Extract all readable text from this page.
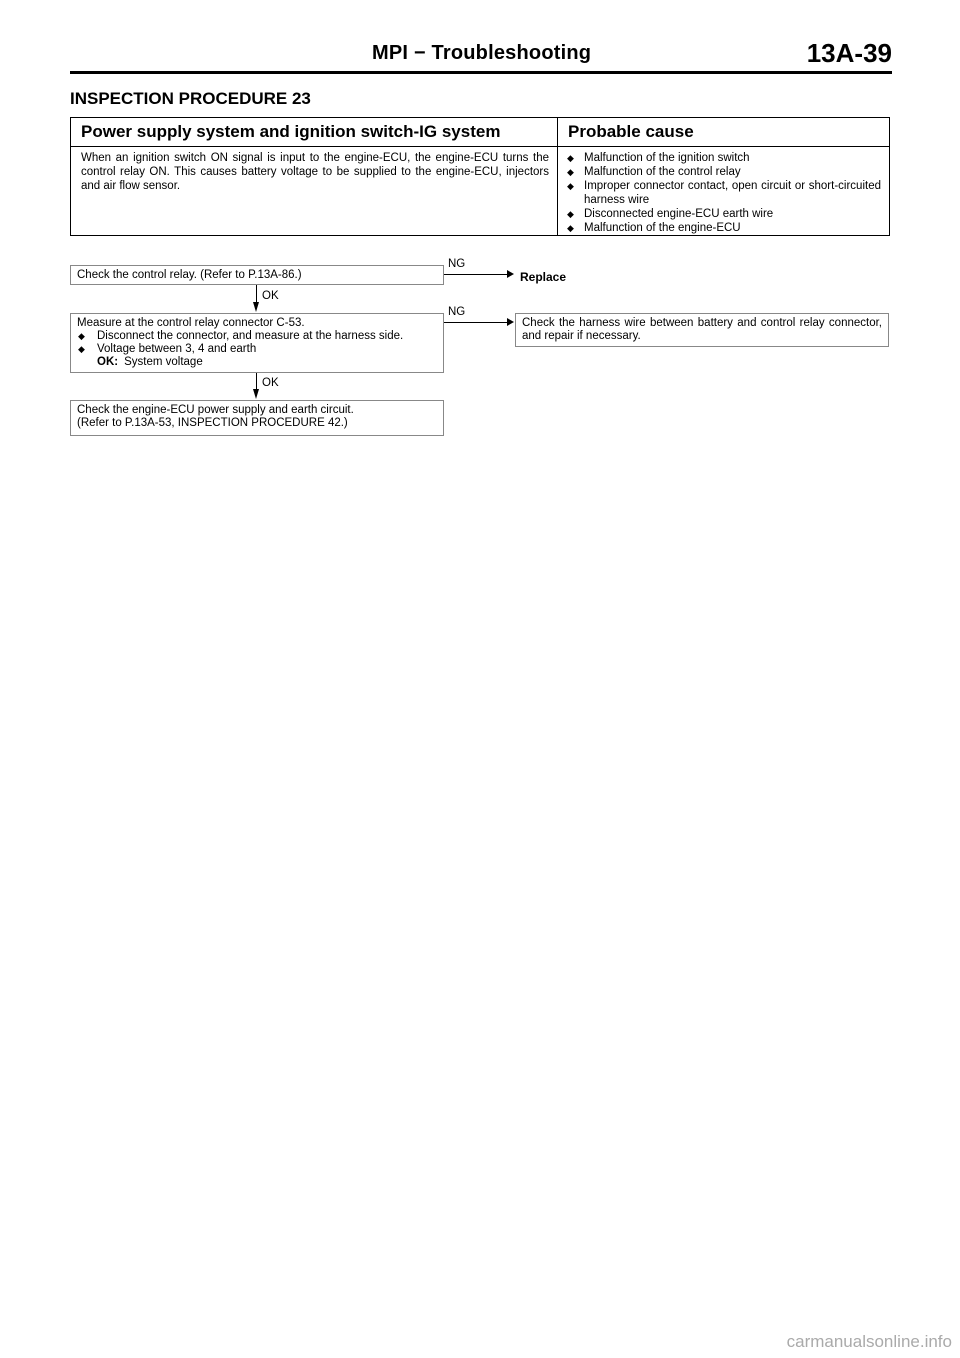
MPI − Troubleshooting	13A-39
INSPECTION PROCEDURE 23
Power supply system and ignition switch-IG system	Probable cause
When an ignition switch ON signal is input to the engine-ECU, the engine-ECU turns the control relay ON. This causes battery voltage to be supplied to the engine-ECU, injectors and air flow sensor.
◆ Malfunction of the ignition switch
◆ Malfunction of the control relay
◆ Improper connector contact, open circuit or short-circuited harness wire
◆ Disconnected engine-ECU earth wire
◆ Malfunction of the engine-ECU
Check the control relay. (Refer to P.13A-86.)
NG
Replace
OK
Measure at the control relay connector C-53.
◆ Disconnect the connector, and measure at the harness side.
◆ Voltage between 3, 4 and earth
OK: System voltage
NG
Check the harness wire between battery and control relay connector, and repair if necessary.
OK
Check the engine-ECU power supply and earth circuit.
(Refer to P.13A-53, INSPECTION PROCEDURE 42.)
carmanualsonline.info
